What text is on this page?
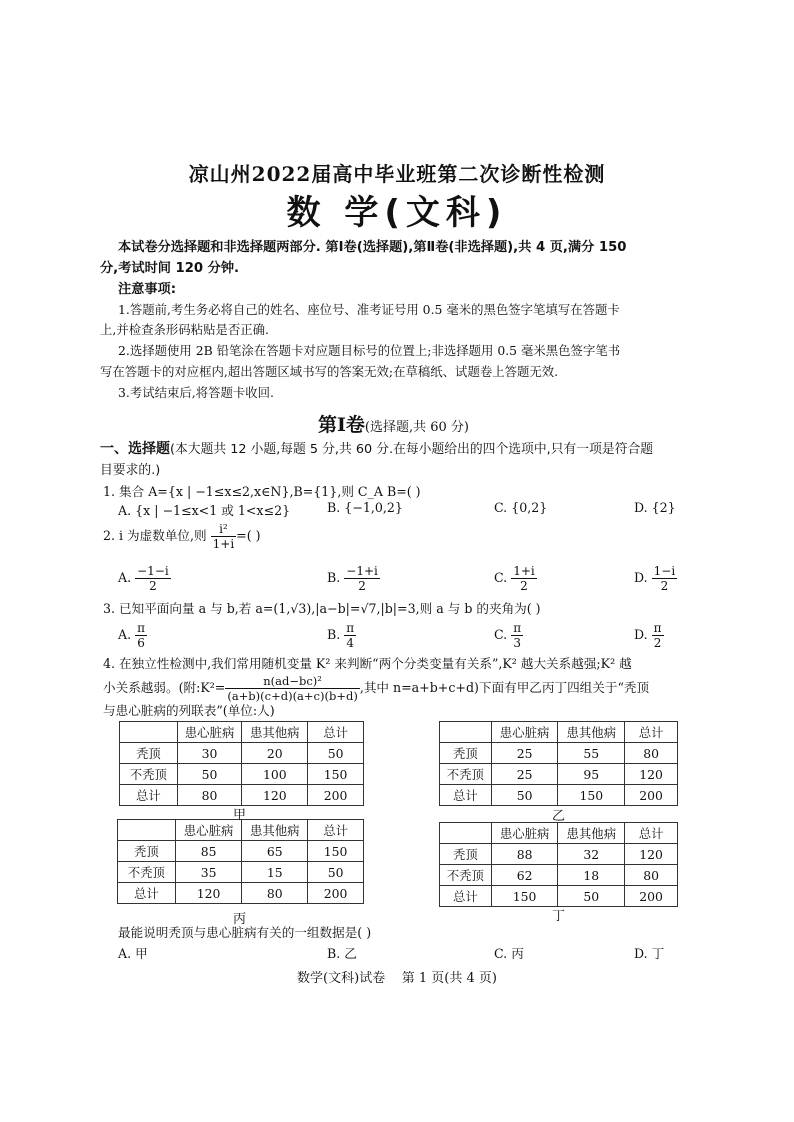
凉山州2022届高中毕业班第二次诊断性检测
数 学(文科)
本试卷分选择题和非选择题两部分. 第Ⅰ卷(选择题),第Ⅱ卷(非选择题),共 4 页,满分 150
分,考试时间 120 分钟.
注意事项:
1.答题前,考生务必将自己的姓名、座位号、准考证号用 0.5 毫米的黑色签字笔填写在答题卡
上,并检查条形码粘贴是否正确.
2.选择题使用 2B 铅笔涂在答题卡对应题目标号的位置上;非选择题用 0.5 毫米黑色签字笔书
写在答题卡的对应框内,超出答题区域书写的答案无效;在草稿纸、试题卷上答题无效.
3.考试结束后,将答题卡收回.
第Ⅰ卷(选择题,共 60 分)
一、选择题(本大题共 12 小题,每题 5 分,共 60 分.在每小题给出的四个选项中,只有一项是符合题
目要求的.)
1. 集合 A={x | −1≤x≤2,x∈N},B={1},则 C_A B=( )
A. {x | −1≤x<1 或 1<x≤2}	B. {−1,0,2}	C. {0,2}	D. {2}
2. i 为虚数单位,则 $\frac{\text{i²}}{1+i}$ =( )
A. $\frac{-1-i}{2}$	B. $\frac{-1+i}{2}$	C. $\frac{1+i}{2}$	D. $\frac{1-i}{2}$
3. 已知平面向量 a 与 b,若 a=(1,√3),|a−b|=√7,|b|=3,则 a 与 b 的夹角为( )
A. $\frac{\pi}{6}$	B. $\frac{\pi}{4}$	C. $\frac{\pi}{3}$	D. $\frac{\pi}{2}$
4. 在独立性检测中,我们常用随机变量 K² 来判断“两个分类变量有关系”,K² 越大关系越强;K² 越
小关系越弱。(附:K²= $\frac{\text{n(ad−bc)²}}{(a+b)(c+d)(a+c)(b+d)}$ ,其中 n=a+b+c+d)下面有甲乙丙丁四组关于“秃顶
与患心脏病的列联表”(单位:人)
	患心脏病	患其他病	总计
秃顶	30	20	50
不秃顶	50	100	150
总计	80	120	200
甲
	患心脏病	患其他病	总计
秃顶	25	55	80
不秃顶	25	95	120
总计	50	150	200
乙
	患心脏病	患其他病	总计
秃顶	85	65	150
不秃顶	35	15	50
总计	120	80	200
丙
	患心脏病	患其他病	总计
秃顶	88	32	120
不秃顶	62	18	80
总计	150	50	200
丁
最能说明秃顶与患心脏病有关的一组数据是( )
A. 甲	B. 乙	C. 丙	D. 丁
数学(文科)试卷    第 1 页(共 4 页)
